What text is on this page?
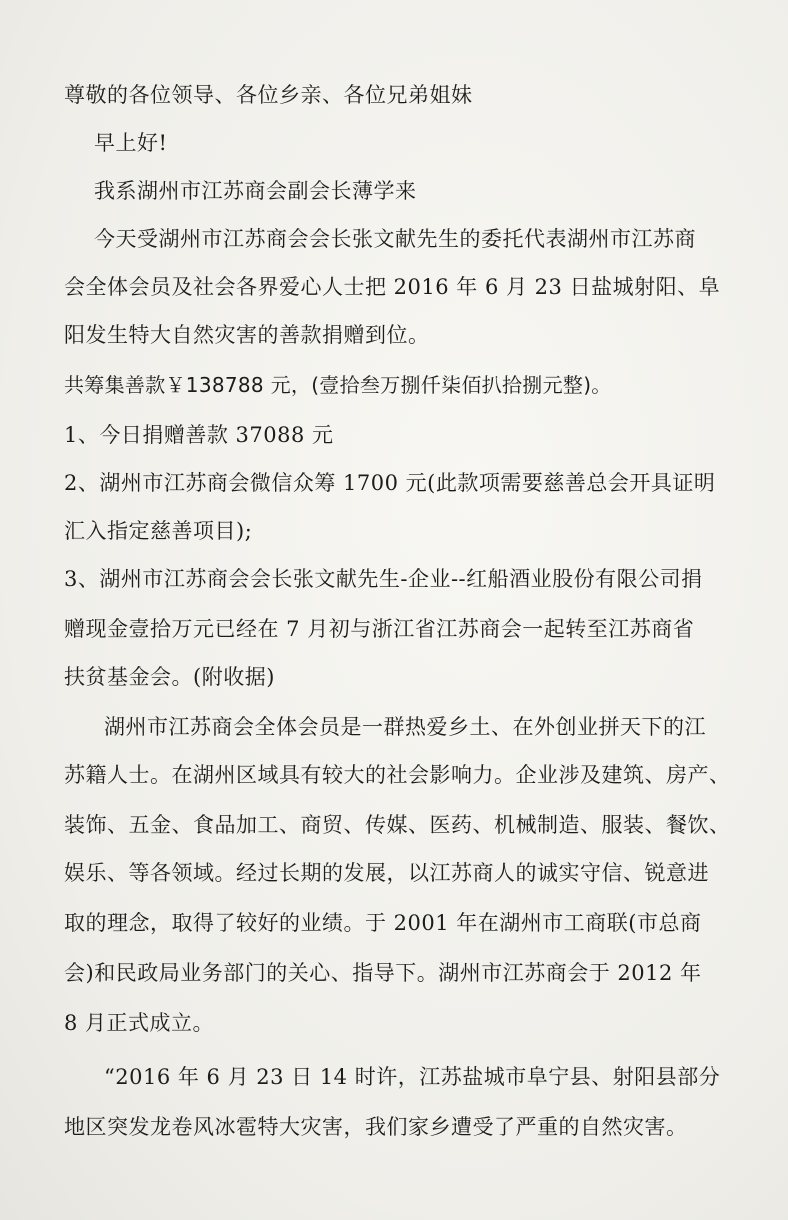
尊敬的各位领导、各位乡亲、各位兄弟姐妹
早上好!
我系湖州市江苏商会副会长薄学来
今天受湖州市江苏商会会长张文献先生的委托代表湖州市江苏商
会全体会员及社会各界爱心人士把 2016 年 6 月 23 日盐城射阳、阜
阳发生特大自然灾害的善款捐赠到位。
共筹集善款￥138788 元，(壹拾叁万捌仟柒佰扒拾捌元整)。
1、今日捐赠善款 37088 元
2、湖州市江苏商会微信众筹 1700 元(此款项需要慈善总会开具证明
汇入指定慈善项目);
3、湖州市江苏商会会长张文献先生-企业--红船酒业股份有限公司捐
赠现金壹拾万元已经在 7 月初与浙江省江苏商会一起转至江苏商省
扶贫基金会。(附收据)
湖州市江苏商会全体会员是一群热爱乡土、在外创业拼天下的江
苏籍人士。在湖州区域具有较大的社会影响力。企业涉及建筑、房产、
装饰、五金、食品加工、商贸、传媒、医药、机械制造、服装、餐饮、
娱乐、等各领域。经过长期的发展，以江苏商人的诚实守信、锐意进
取的理念，取得了较好的业绩。于 2001 年在湖州市工商联(市总商
会)和民政局业务部门的关心、指导下。湖州市江苏商会于 2012 年
8 月正式成立。
“2016 年 6 月 23 日 14 时许，江苏盐城市阜宁县、射阳县部分
地区突发龙卷风冰雹特大灾害，我们家乡遭受了严重的自然灾害。
